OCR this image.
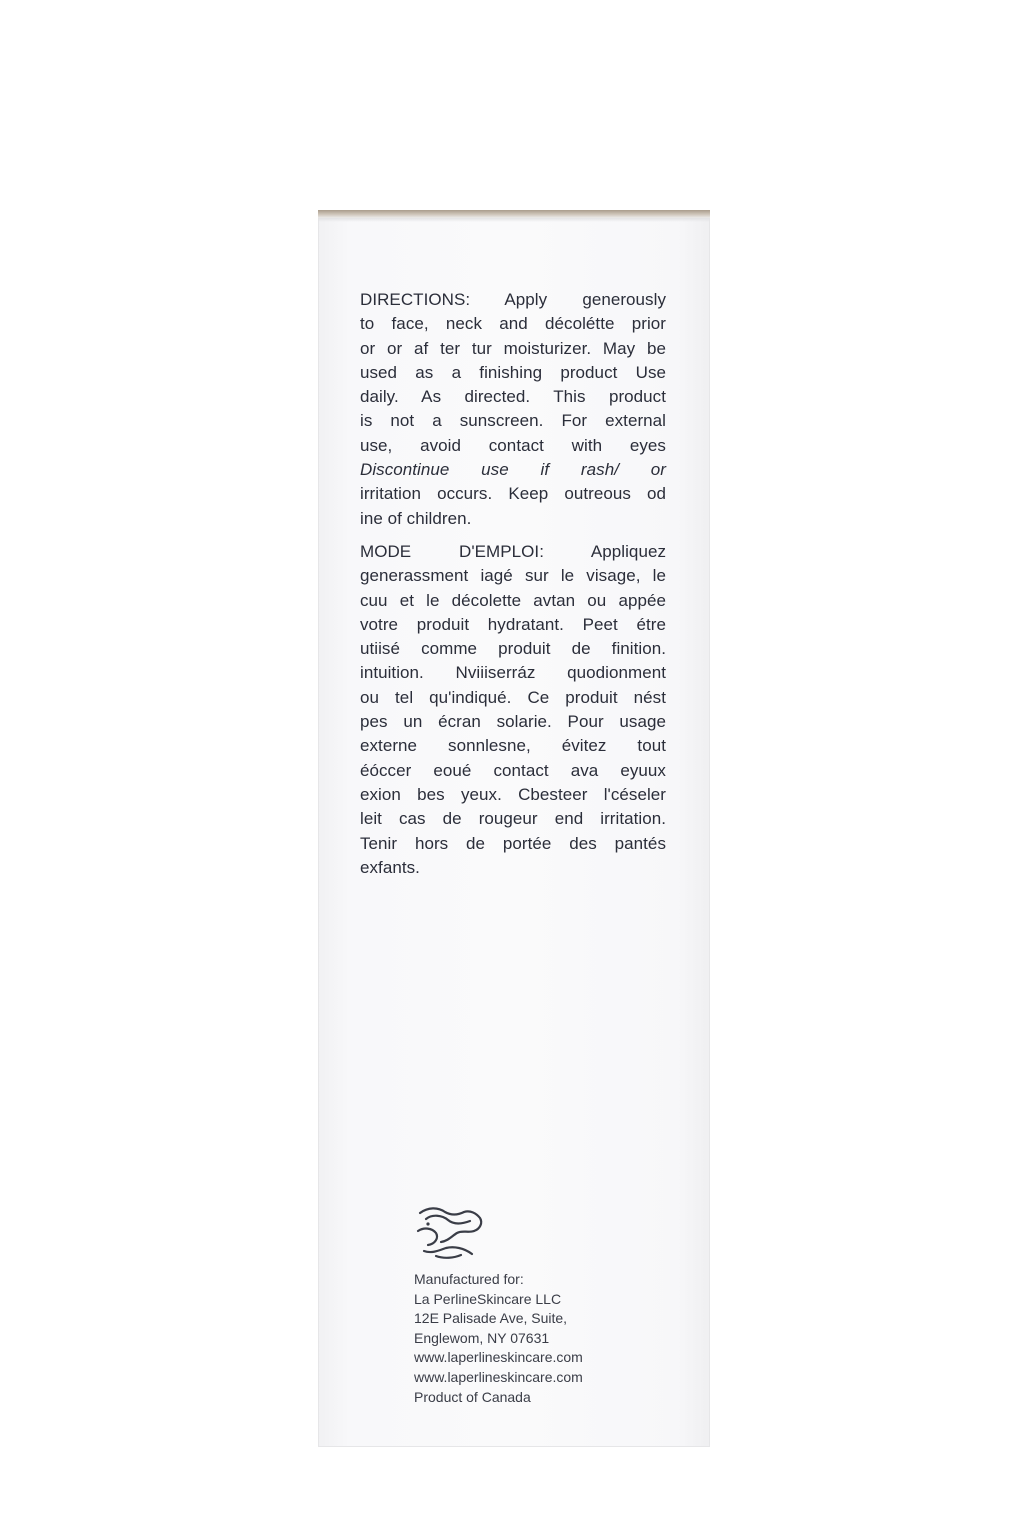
DIRECTIONS: Apply generously
to face, neck and décolétte prior
or or af ter tur moisturizer. May be
used as a finishing product Use
daily. As directed. This product
is not a sunscreen. For external
use, avoid contact with eyes
Discontinue use if rash/ or
irritation occurs. Keep outreous od
ine of children.

MODE D'EMPLOI: Appliquez
generassment iagé sur le visage, le
cuu et le décolette avtan ou appée
votre produit hydratant. Peet étre
utiisé comme produit de finition.
intuition. Nviiiserráz quodionment
ou tel qu'indiqué. Ce produit nést
pes un écran solarie. Pour usage
externe sonnlesne, évitez tout
éóccer eoué contact ava eyuux
exion bes yeux. Cbesteer l'céseler
leit cas de rougeur end irritation.
Tenir hors de portée des pantés
exfants.

Manufactured for:
La PerlineSkincare LLC
12E Palisade Ave, Suite,
Englewom, NY 07631
www.laperlineskincare.com
www.laperlineskincare.com
Product of Canada
